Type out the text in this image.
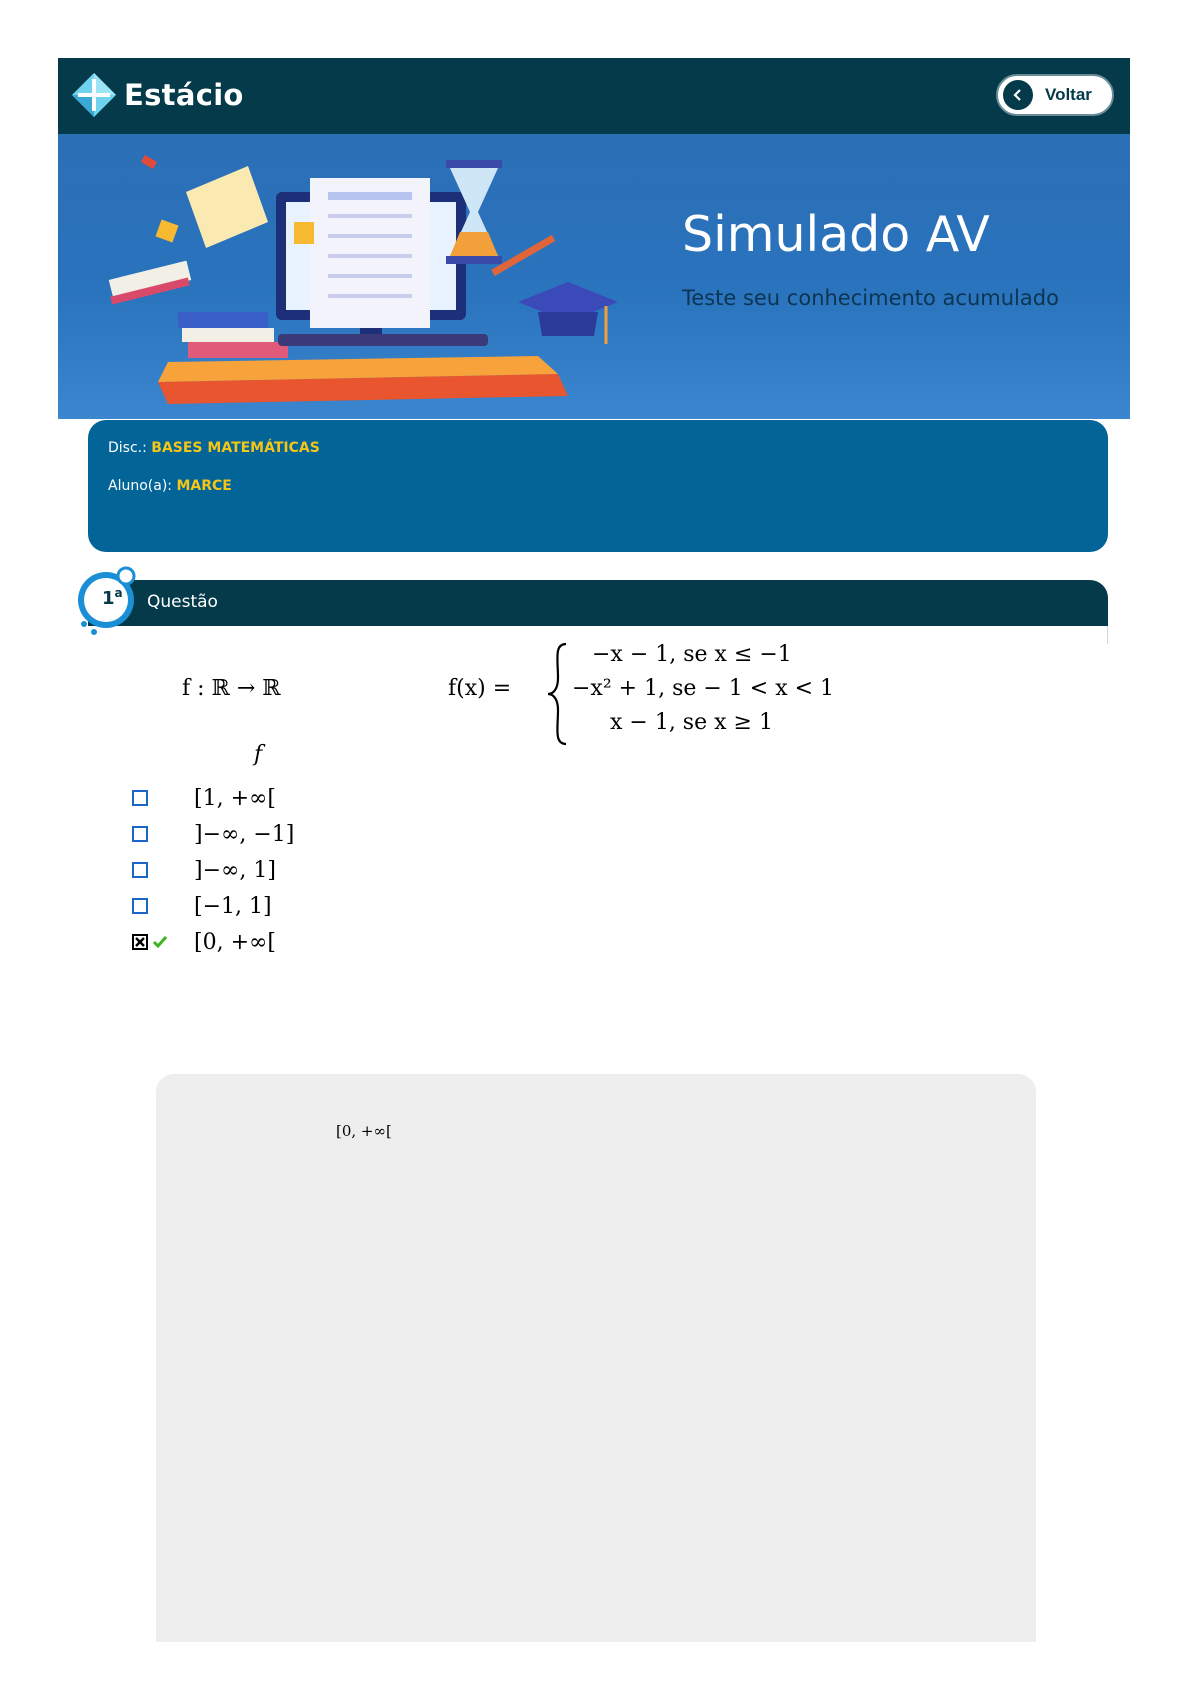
Estácio	Voltar
Simulado AV
Teste seu conhecimento acumulado
Disc.: BASES MATEMÁTICAS
Aluno(a): MARCE
1$^a$ Questão
f : ℝ → ℝ	f(x) =
−x − 1, se x ≤ −1
−x² + 1, se − 1 < x < 1
x − 1, se x ≥ 1
f
[1, +∞[
]−∞, −1]
]−∞, 1]
[−1, 1]
[0, +∞[
[0, +∞[
